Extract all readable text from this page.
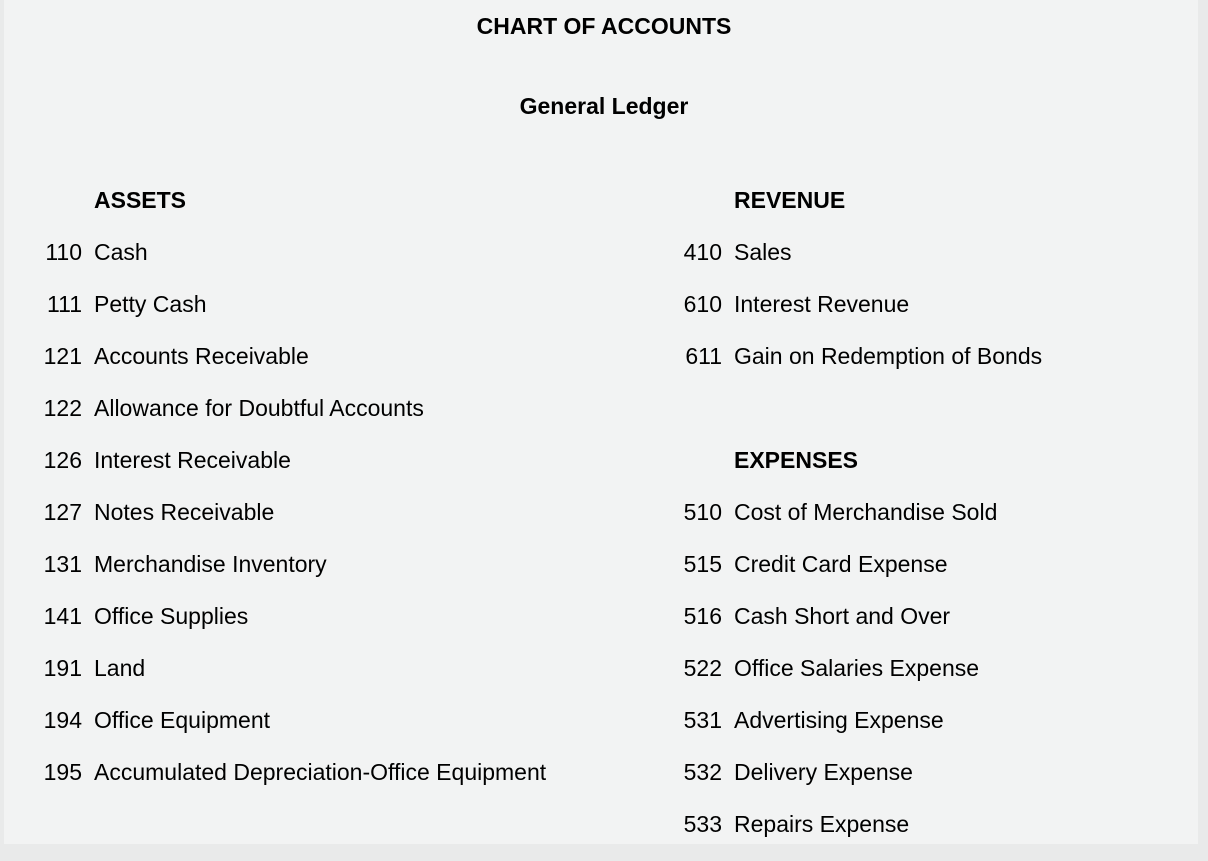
CHART OF ACCOUNTS
General Ledger
ASSETS
110 Cash
111 Petty Cash
121 Accounts Receivable
122 Allowance for Doubtful Accounts
126 Interest Receivable
127 Notes Receivable
131 Merchandise Inventory
141 Office Supplies
191 Land
194 Office Equipment
195 Accumulated Depreciation-Office Equipment
REVENUE
410 Sales
610 Interest Revenue
611 Gain on Redemption of Bonds
EXPENSES
510 Cost of Merchandise Sold
515 Credit Card Expense
516 Cash Short and Over
522 Office Salaries Expense
531 Advertising Expense
532 Delivery Expense
533 Repairs Expense
